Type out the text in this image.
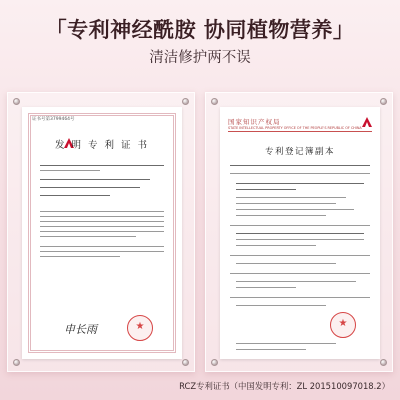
「专利神经酰胺 协同植物营养」
清洁修护两不误
证书号第3799464号
发 明 专 利 证 书
申长雨
★
国家知识产权局
STATE INTELLECTUAL PROPERTY OFFICE OF THE PEOPLE'S REPUBLIC OF CHINA
专利登记簿副本
★
RCZ专利证书（中国发明专利：ZL 201510097018.2）
